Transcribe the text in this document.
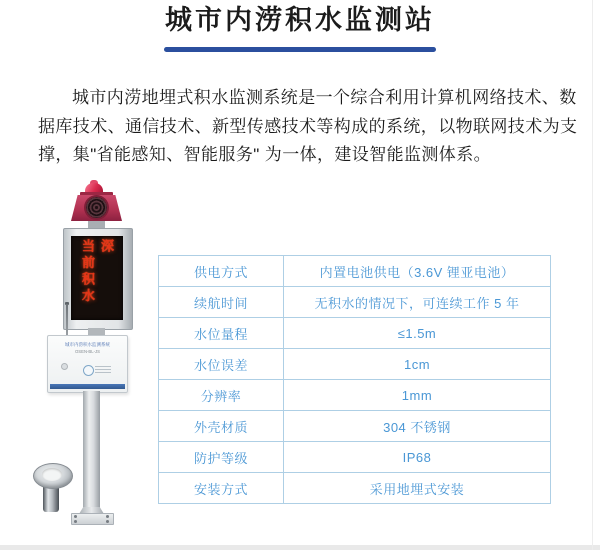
城市内涝积水监测站
城市内涝地埋式积水监测系统是一个综合利用计算机网络技术、数
据库技术、通信技术、新型传感技术等构成的系统，以物联网技术为支
撑，集"省能感知、智能服务" 为一体，建设智能监测体系。
当前积水深
城市内涝积水监测系统
OSEN-BL-JS
供电方式	内置电池供电（3.6V 锂亚电池）
续航时间	无积水的情况下，可连续工作 5 年
水位量程	≤1.5m
水位误差	1cm
分辨率	1mm
外壳材质	304 不锈钢
防护等级	IP68
安装方式	采用地埋式安装
